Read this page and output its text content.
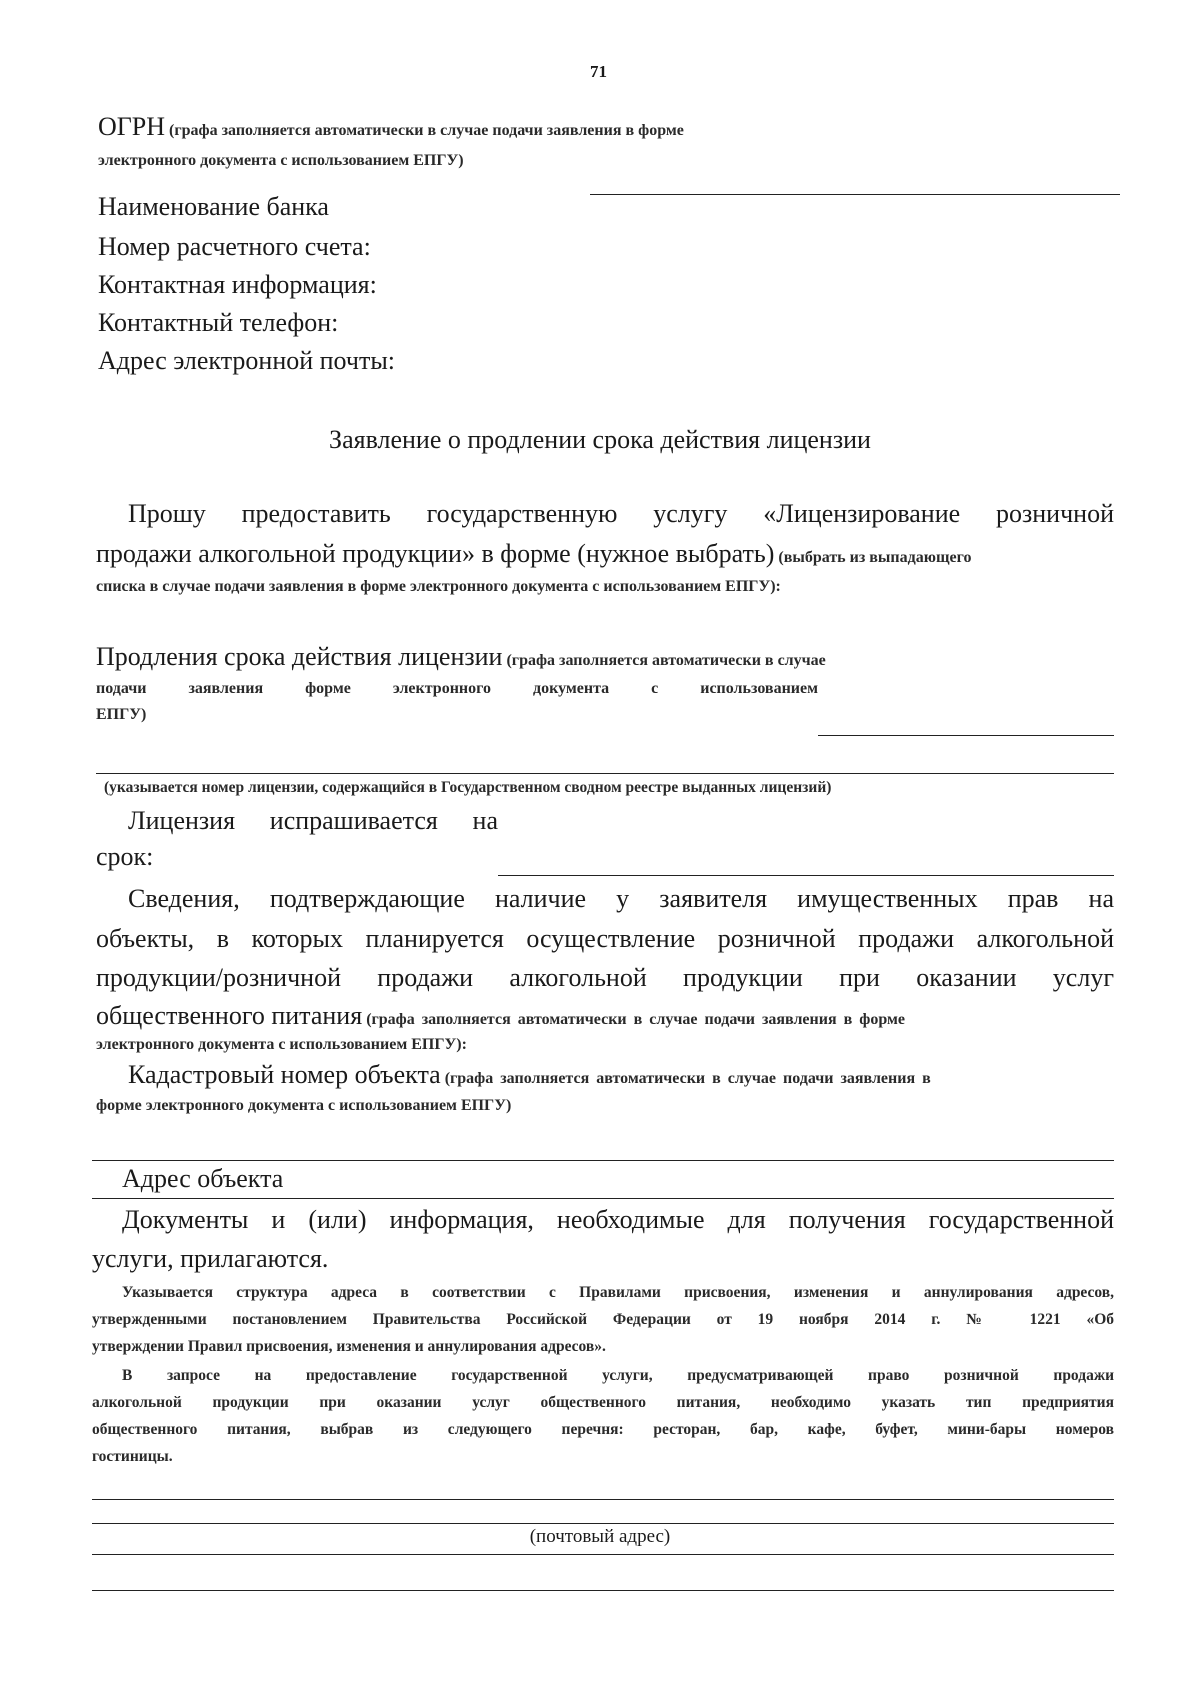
71
ОГРН (графа заполняется автоматически в случае подачи заявления в форме
электронного документа с использованием ЕПГУ)
Наименование банка
Номер расчетного счета:
Контактная информация:
Контактный телефон:
Адрес электронной почты:
Заявление о продлении срока действия лицензии
Прошу предоставить государственную услугу «Лицензирование розничной
продажи алкогольной продукции» в форме (нужное выбрать) (выбрать из выпадающего
списка в случае подачи заявления в форме электронного документа с использованием ЕПГУ):
Продления срока действия лицензии (графа заполняется автоматически в случае
подачи заявления форме электронного документа с использованием
ЕПГУ)
(указывается номер лицензии, содержащийся в Государственном сводном реестре выданных лицензий)
Лицензия испрашивается на
срок:
Сведения, подтверждающие наличие у заявителя имущественных прав на
объекты, в которых планируется осуществление розничной продажи алкогольной
продукции/розничной продажи алкогольной продукции при оказании услуг
общественного питания (графа заполняется автоматически в случае подачи заявления в форме
электронного документа с использованием ЕПГУ):
Кадастровый номер объекта (графа заполняется автоматически в случае подачи заявления в
форме электронного документа с использованием ЕПГУ)
Адрес объекта
Документы и (или) информация, необходимые для получения государственной
услуги, прилагаются.
Указывается структура адреса в соответствии с Правилами присвоения, изменения и аннулирования адресов,
утвержденными постановлением Правительства Российской Федерации от 19 ноября 2014 г. № 1221 «Об
утверждении Правил присвоения, изменения и аннулирования адресов».
В запросе на предоставление государственной услуги, предусматривающей право розничной продажи
алкогольной продукции при оказании услуг общественного питания, необходимо указать тип предприятия
общественного питания, выбрав из следующего перечня: ресторан, бар, кафе, буфет, мини-бары номеров
гостиницы.
(почтовый адрес)
